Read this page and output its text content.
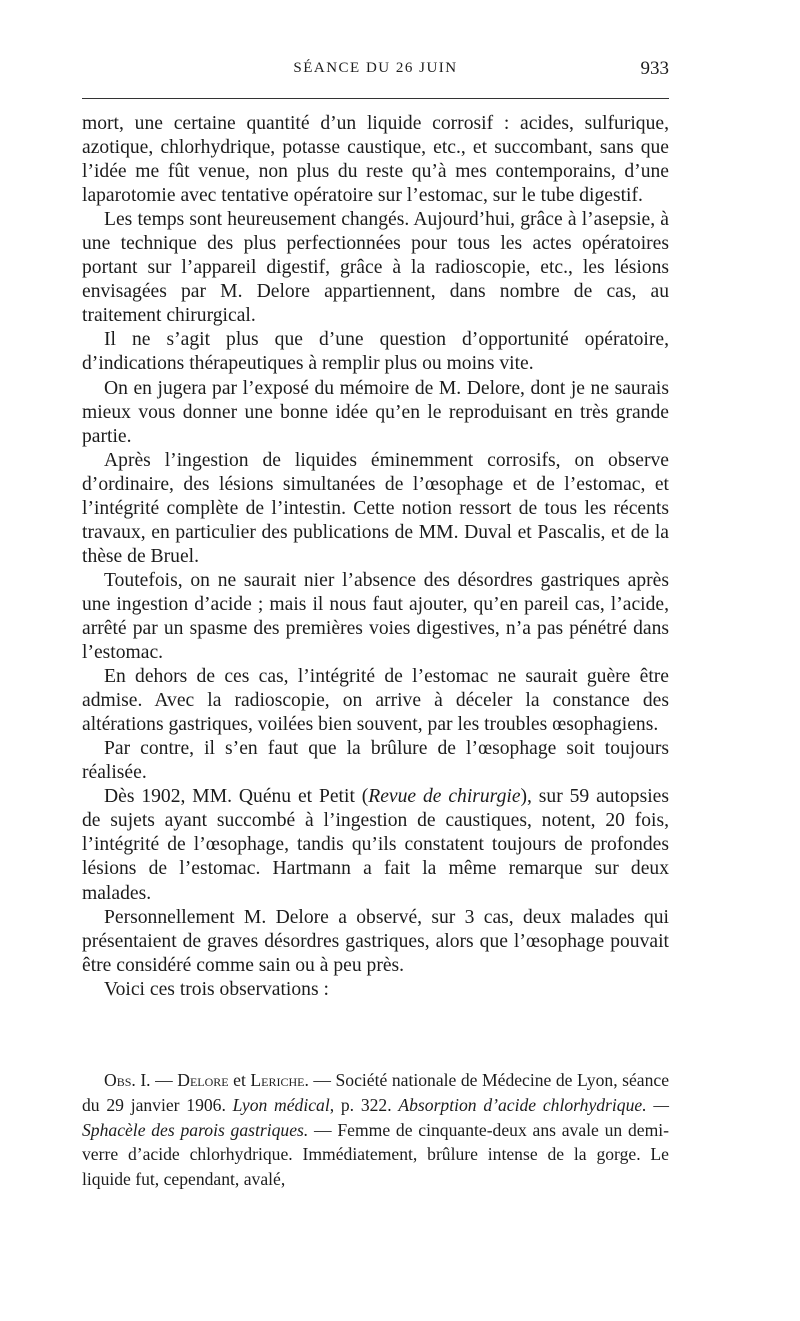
SÉANCE DU 26 JUIN	933

mort, une certaine quantité d’un liquide corrosif : acides, sulfurique, azotique, chlorhydrique, potasse caustique, etc., et succombant, sans que l’idée me fût venue, non plus du reste qu’à mes contemporains, d’une laparotomie avec tentative opératoire sur l’estomac, sur le tube digestif.

Les temps sont heureusement changés. Aujourd’hui, grâce à l’asepsie, à une technique des plus perfectionnées pour tous les actes opératoires portant sur l’appareil digestif, grâce à la radioscopie, etc., les lésions envisagées par M. Delore appartiennent, dans nombre de cas, au traitement chirurgical.

Il ne s’agit plus que d’une question d’opportunité opératoire, d’indications thérapeutiques à remplir plus ou moins vite.

On en jugera par l’exposé du mémoire de M. Delore, dont je ne saurais mieux vous donner une bonne idée qu’en le reproduisant en très grande partie.

Après l’ingestion de liquides éminemment corrosifs, on observe d’ordinaire, des lésions simultanées de l’œsophage et de l’estomac, et l’intégrité complète de l’intestin. Cette notion ressort de tous les récents travaux, en particulier des publications de MM. Duval et Pascalis, et de la thèse de Bruel.

Toutefois, on ne saurait nier l’absence des désordres gastriques après une ingestion d’acide ; mais il nous faut ajouter, qu’en pareil cas, l’acide, arrêté par un spasme des premières voies digestives, n’a pas pénétré dans l’estomac.

En dehors de ces cas, l’intégrité de l’estomac ne saurait guère être admise. Avec la radioscopie, on arrive à déceler la constance des altérations gastriques, voilées bien souvent, par les troubles œsophagiens.

Par contre, il s’en faut que la brûlure de l’œsophage soit toujours réalisée.

Dès 1902, MM. Quénu et Petit (Revue de chirurgie), sur 59 autopsies de sujets ayant succombé à l’ingestion de caustiques, notent, 20 fois, l’intégrité de l’œsophage, tandis qu’ils constatent toujours de profondes lésions de l’estomac. Hartmann a fait la même remarque sur deux malades.

Personnellement M. Delore a observé, sur 3 cas, deux malades qui présentaient de graves désordres gastriques, alors que l’œsophage pouvait être considéré comme sain ou à peu près.

Voici ces trois observations :

Obs. I. — Delore et Leriche. — Société nationale de Médecine de Lyon, séance du 29 janvier 1906. Lyon médical, p. 322. Absorption d’acide chlorhydrique. — Sphacèle des parois gastriques. — Femme de cinquante-deux ans avale un demi-verre d’acide chlorhydrique. Immédiatement, brûlure intense de la gorge. Le liquide fut, cependant, avalé,
